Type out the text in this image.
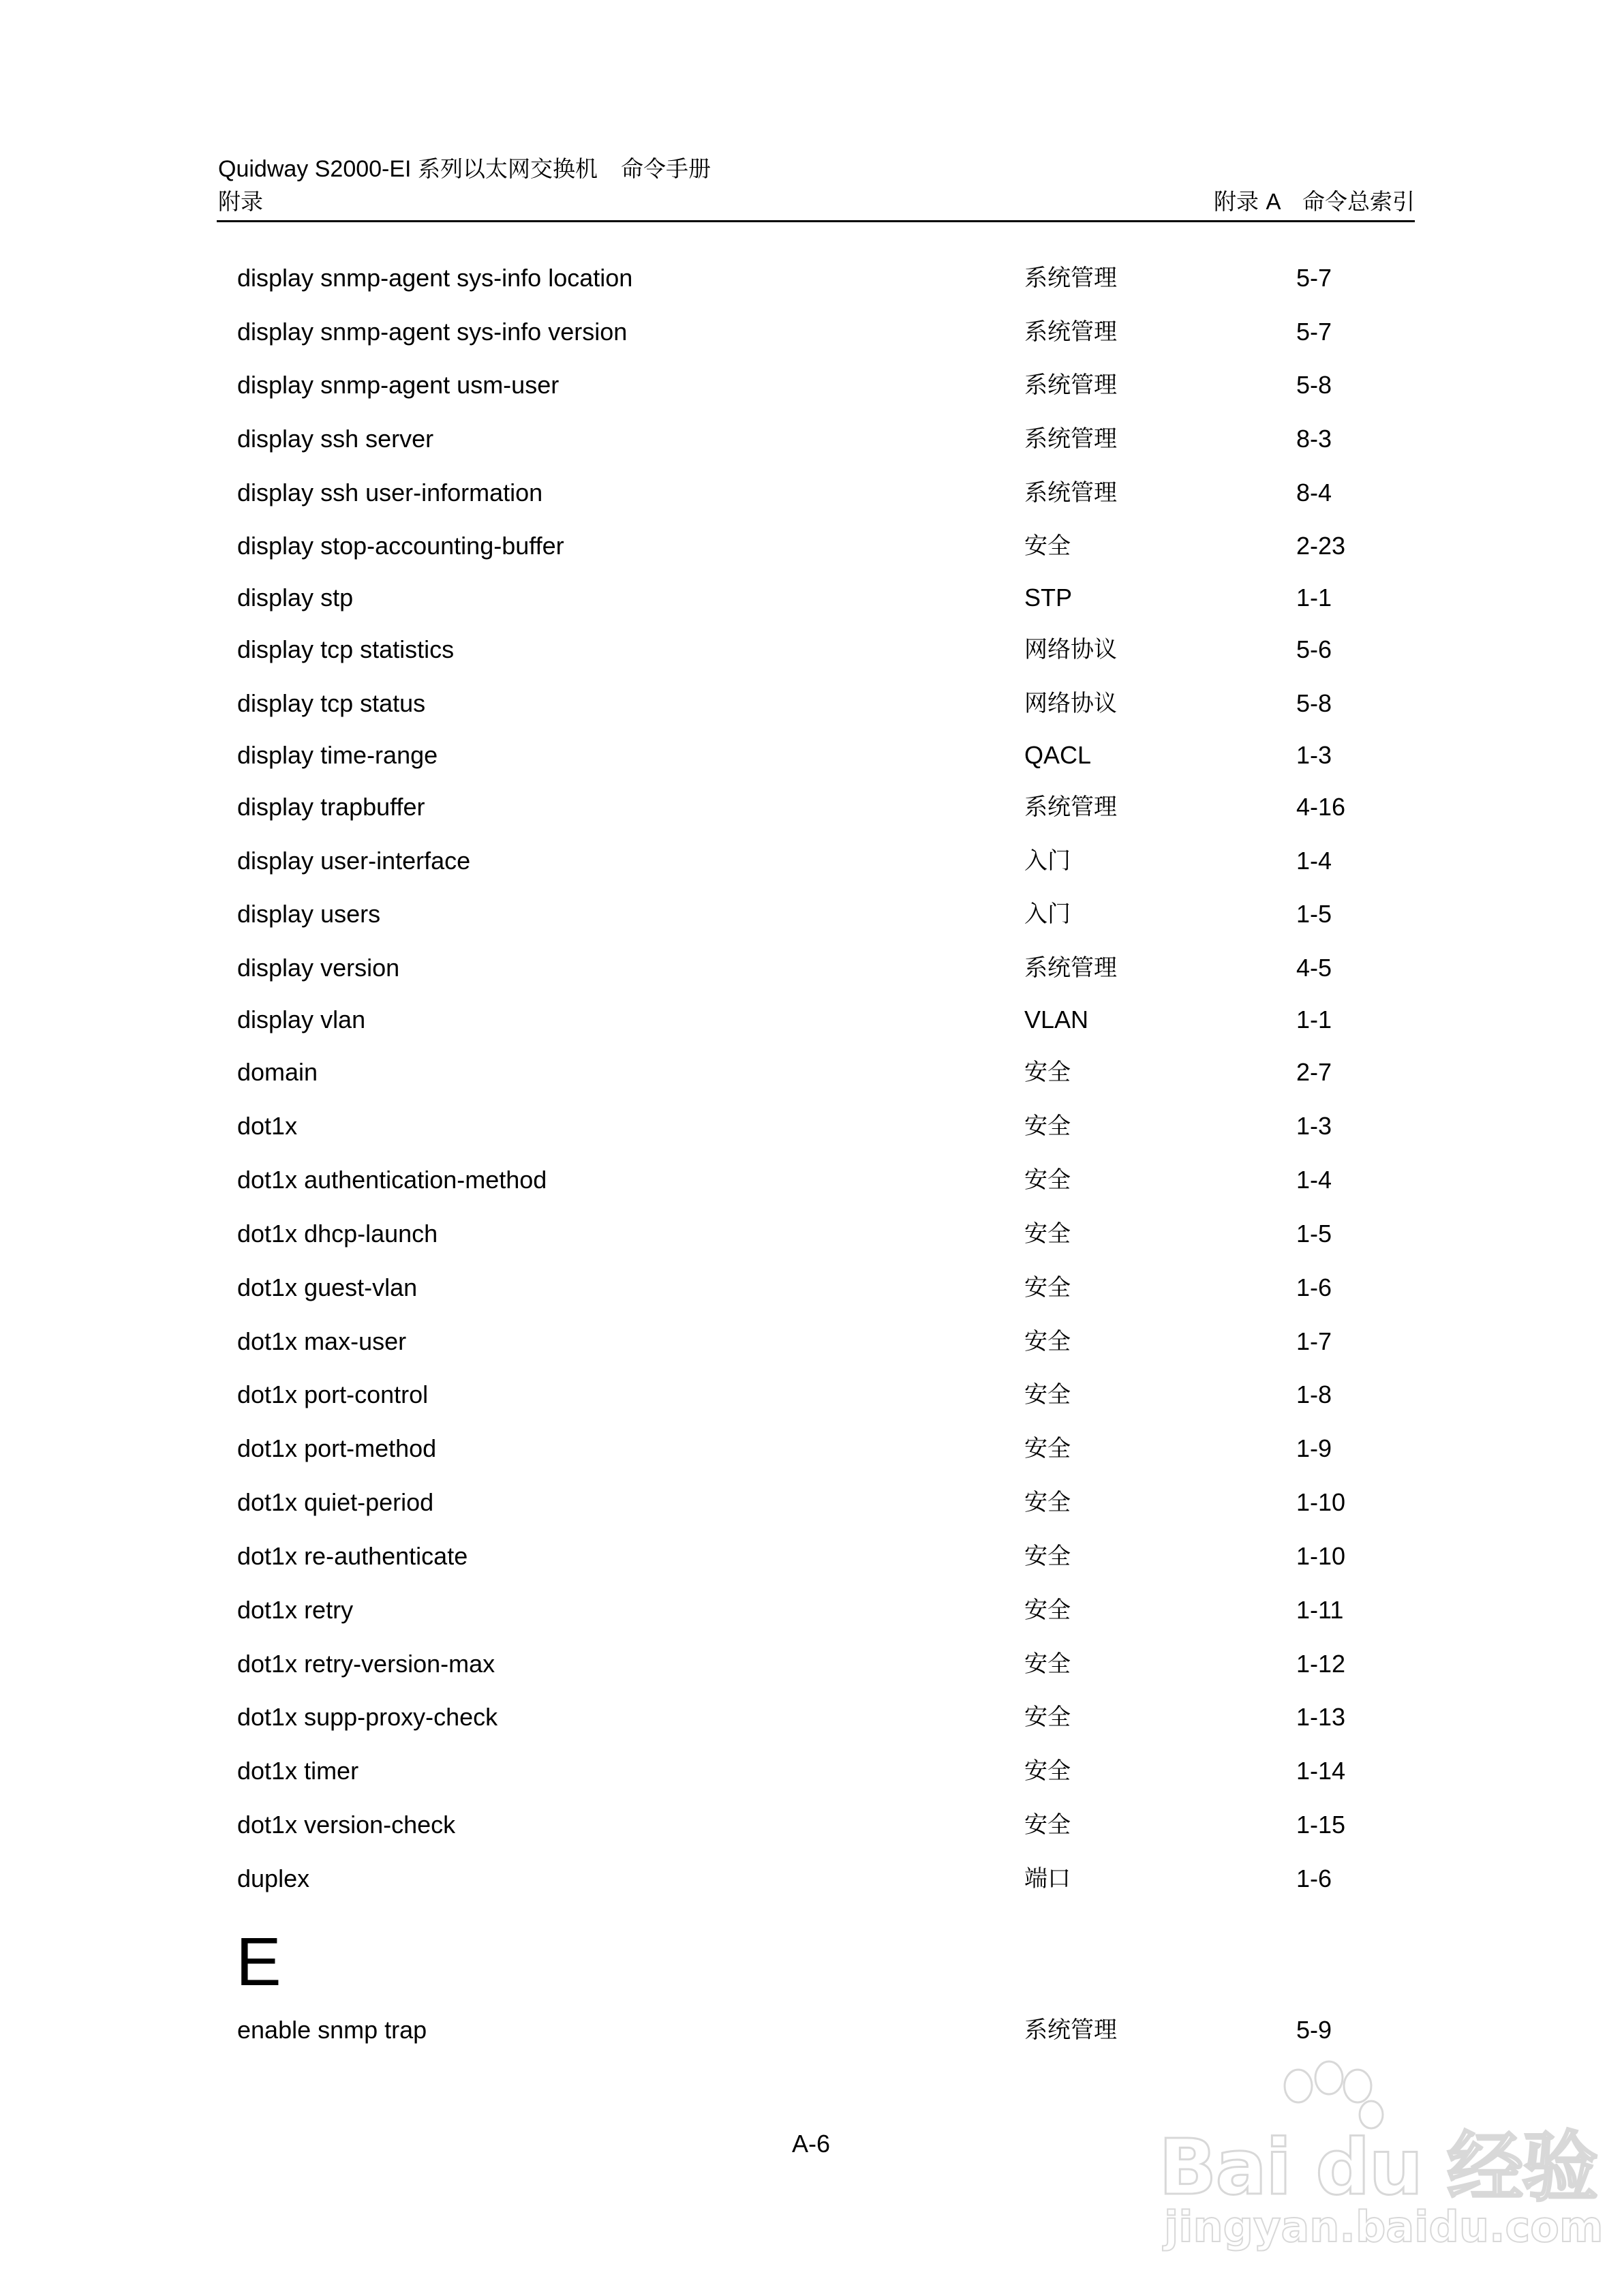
Quidway S2000-EI 系列以太网交换机 命令手册
附录	附录 A 命令总索引
display snmp-agent sys-info location	系统管理	5-7
display snmp-agent sys-info version	系统管理	5-7
display snmp-agent usm-user	系统管理	5-8
display ssh server	系统管理	8-3
display ssh user-information	系统管理	8-4
display stop-accounting-buffer	安全	2-23
display stp	STP	1-1
display tcp statistics	网络协议	5-6
display tcp status	网络协议	5-8
display time-range	QACL	1-3
display trapbuffer	系统管理	4-16
display user-interface	入门	1-4
display users	入门	1-5
display version	系统管理	4-5
display vlan	VLAN	1-1
domain	安全	2-7
dot1x	安全	1-3
dot1x authentication-method	安全	1-4
dot1x dhcp-launch	安全	1-5
dot1x guest-vlan	安全	1-6
dot1x max-user	安全	1-7
dot1x port-control	安全	1-8
dot1x port-method	安全	1-9
dot1x quiet-period	安全	1-10
dot1x re-authenticate	安全	1-10
dot1x retry	安全	1-11
dot1x retry-version-max	安全	1-12
dot1x supp-proxy-check	安全	1-13
dot1x timer	安全	1-14
dot1x version-check	安全	1-15
duplex	端口	1-6
E
enable snmp trap	系统管理	5-9
A-6	Bai du 经验
jingyan.baidu.com
